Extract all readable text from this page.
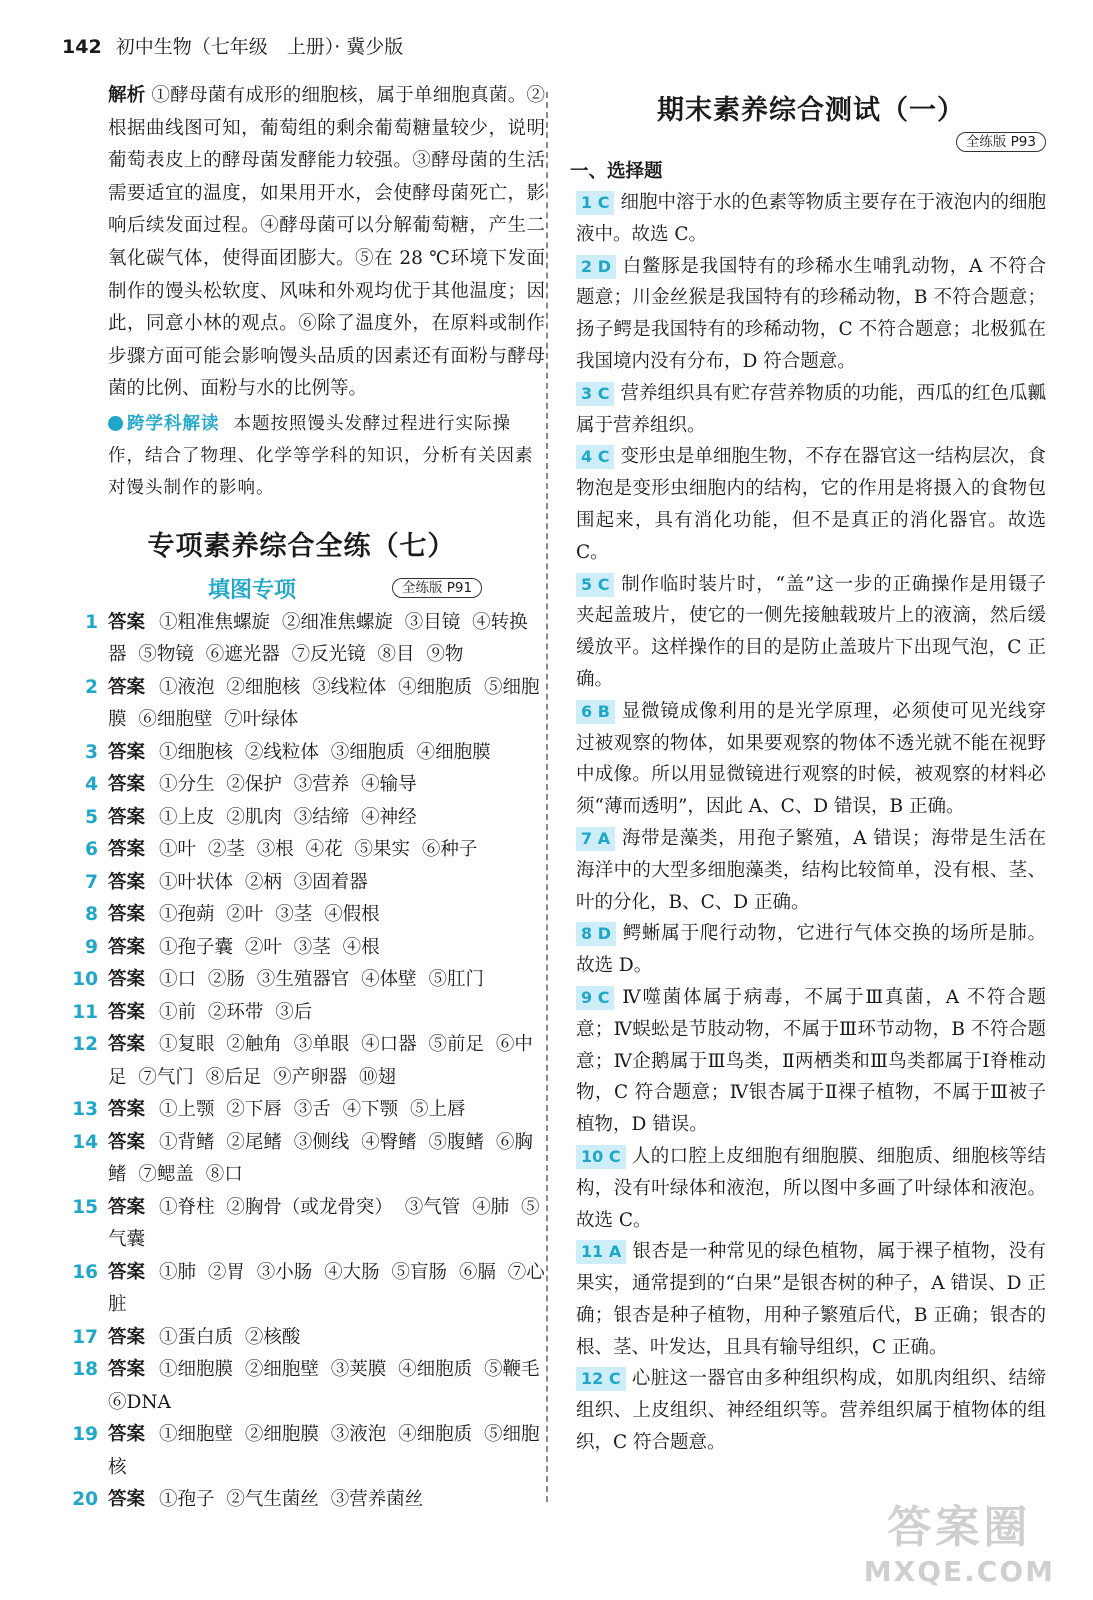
142 初中生物（七年级　上册）· 冀少版

解析 ①酵母菌有成形的细胞核，属于单细胞真菌。②根据曲线图可知，葡萄组的剩余葡萄糖量较少，说明葡萄表皮上的酵母菌发酵能力较强。③酵母菌的生活需要适宜的温度，如果用开水，会使酵母菌死亡，影响后续发面过程。④酵母菌可以分解葡萄糖，产生二氧化碳气体，使得面团膨大。⑤在 28 ℃环境下发面制作的馒头松软度、风味和外观均优于其他温度；因此，同意小林的观点。⑥除了温度外，在原料或制作步骤方面可能会影响馒头品质的因素还有面粉与酵母菌的比例、面粉与水的比例等。

跨学科解读 本题按照馒头发酵过程进行实际操作，结合了物理、化学等学科的知识，分析有关因素对馒头制作的影响。

专项素养综合全练（七）
填图专项	全练版 P91
1 答案 ①粗准焦螺旋 ②细准焦螺旋 ③目镜 ④转换器 ⑤物镜 ⑥遮光器 ⑦反光镜 ⑧目 ⑨物
2 答案 ①液泡 ②细胞核 ③线粒体 ④细胞质 ⑤细胞膜 ⑥细胞壁 ⑦叶绿体
3 答案 ①细胞核 ②线粒体 ③细胞质 ④细胞膜
4 答案 ①分生 ②保护 ③营养 ④输导
5 答案 ①上皮 ②肌肉 ③结缔 ④神经
6 答案 ①叶 ②茎 ③根 ④花 ⑤果实 ⑥种子
7 答案 ①叶状体 ②柄 ③固着器
8 答案 ①孢蒴 ②叶 ③茎 ④假根
9 答案 ①孢子囊 ②叶 ③茎 ④根
10 答案 ①口 ②肠 ③生殖器官 ④体壁 ⑤肛门
11 答案 ①前 ②环带 ③后
12 答案 ①复眼 ②触角 ③单眼 ④口器 ⑤前足 ⑥中足 ⑦气门 ⑧后足 ⑨产卵器 ⑩翅
13 答案 ①上颚 ②下唇 ③舌 ④下颚 ⑤上唇
14 答案 ①背鳍 ②尾鳍 ③侧线 ④臀鳍 ⑤腹鳍 ⑥胸鳍 ⑦鳃盖 ⑧口
15 答案 ①脊柱 ②胸骨（或龙骨突） ③气管 ④肺 ⑤气囊
16 答案 ①肺 ②胃 ③小肠 ④大肠 ⑤盲肠 ⑥膈 ⑦心脏
17 答案 ①蛋白质 ②核酸
18 答案 ①细胞膜 ②细胞壁 ③荚膜 ④细胞质 ⑤鞭毛 ⑥DNA
19 答案 ①细胞壁 ②细胞膜 ③液泡 ④细胞质 ⑤细胞核
20 答案 ①孢子 ②气生菌丝 ③营养菌丝
期末素养综合测试（一）
全练版 P93
一、选择题

1 C 细胞中溶于水的色素等物质主要存在于液泡内的细胞液中。故选 C。

2 D 白鳖豚是我国特有的珍稀水生哺乳动物，A 不符合题意；川金丝猴是我国特有的珍稀动物，B 不符合题意；扬子鳄是我国特有的珍稀动物，C 不符合题意；北极狐在我国境内没有分布，D 符合题意。

3 C 营养组织具有贮存营养物质的功能，西瓜的红色瓜瓤属于营养组织。

4 C 变形虫是单细胞生物，不存在器官这一结构层次，食物泡是变形虫细胞内的结构，它的作用是将摄入的食物包围起来，具有消化功能，但不是真正的消化器官。故选 C。

5 C 制作临时装片时，“盖”这一步的正确操作是用镊子夹起盖玻片，使它的一侧先接触载玻片上的液滴，然后缓缓放平。这样操作的目的是防止盖玻片下出现气泡，C 正确。

6 B 显微镜成像利用的是光学原理，必须使可见光线穿过被观察的物体，如果要观察的物体不透光就不能在视野中成像。所以用显微镜进行观察的时候，被观察的材料必须“薄而透明”，因此 A、C、D 错误，B 正确。

7 A 海带是藻类，用孢子繁殖，A 错误；海带是生活在海洋中的大型多细胞藻类，结构比较简单，没有根、茎、叶的分化，B、C、D 正确。

8 D 鳄蜥属于爬行动物，它进行气体交换的场所是肺。故选 D。

9 C Ⅳ噬菌体属于病毒，不属于Ⅲ真菌，A 不符合题意；Ⅳ蜈蚣是节肢动物，不属于Ⅲ环节动物，B 不符合题意；Ⅳ企鹅属于Ⅲ鸟类，Ⅱ两栖类和Ⅲ鸟类都属于Ⅰ脊椎动物，C 符合题意；Ⅳ银杏属于Ⅱ裸子植物，不属于Ⅲ被子植物，D 错误。

10 C 人的口腔上皮细胞有细胞膜、细胞质、细胞核等结构，没有叶绿体和液泡，所以图中多画了叶绿体和液泡。故选 C。

11 A 银杏是一种常见的绿色植物，属于裸子植物，没有果实，通常提到的“白果”是银杏树的种子，A 错误、D 正确；银杏是种子植物，用种子繁殖后代，B 正确；银杏的根、茎、叶发达，且具有输导组织，C 正确。

12 C 心脏这一器官由多种组织构成，如肌肉组织、结缔组织、上皮组织、神经组织等。营养组织属于植物体的组织，C 符合题意。

答案圈
MXQE.COM
